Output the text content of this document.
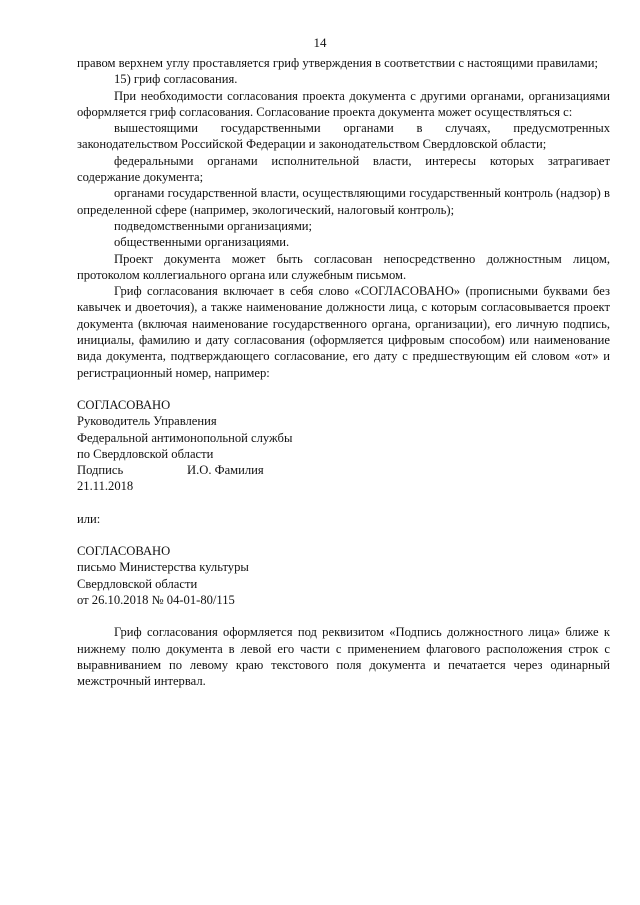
14

правом верхнем углу проставляется гриф утверждения в соответствии с настоящими правилами;

15) гриф согласования.

При необходимости согласования проекта документа с другими органами, организациями оформляется гриф согласования. Согласование проекта документа может осуществляться с:

вышестоящими государственными органами в случаях, предусмотренных законодательством Российской Федерации и законодательством Свердловской области;

федеральными органами исполнительной власти, интересы которых затрагивает содержание документа;

органами государственной власти, осуществляющими государственный контроль (надзор) в определенной сфере (например, экологический, налоговый контроль);

подведомственными организациями;

общественными организациями.

Проект документа может быть согласован непосредственно должностным лицом, протоколом коллегиального органа или служебным письмом.

Гриф согласования включает в себя слово «СОГЛАСОВАНО» (прописными буквами без кавычек и двоеточия), а также наименование должности лица, с которым согласовывается проект документа (включая наименование государственного органа, организации), его личную подпись, инициалы, фамилию и дату согласования (оформляется цифровым способом) или наименование вида документа, подтверждающего согласование, его дату с предшествующим ей словом «от» и регистрационный номер, например:

СОГЛАСОВАНО
Руководитель Управления
Федеральной антимонопольной службы
по Свердловской области
Подпись	И.О. Фамилия
21.11.2018
или:
СОГЛАСОВАНО
письмо Министерства культуры
Свердловской области
от 26.10.2018 № 04-01-80/115

Гриф согласования оформляется под реквизитом «Подпись должностного лица» ближе к нижнему полю документа в левой его части с применением флагового расположения строк с выравниванием по левому краю текстового поля документа и печатается через одинарный межстрочный интервал.
